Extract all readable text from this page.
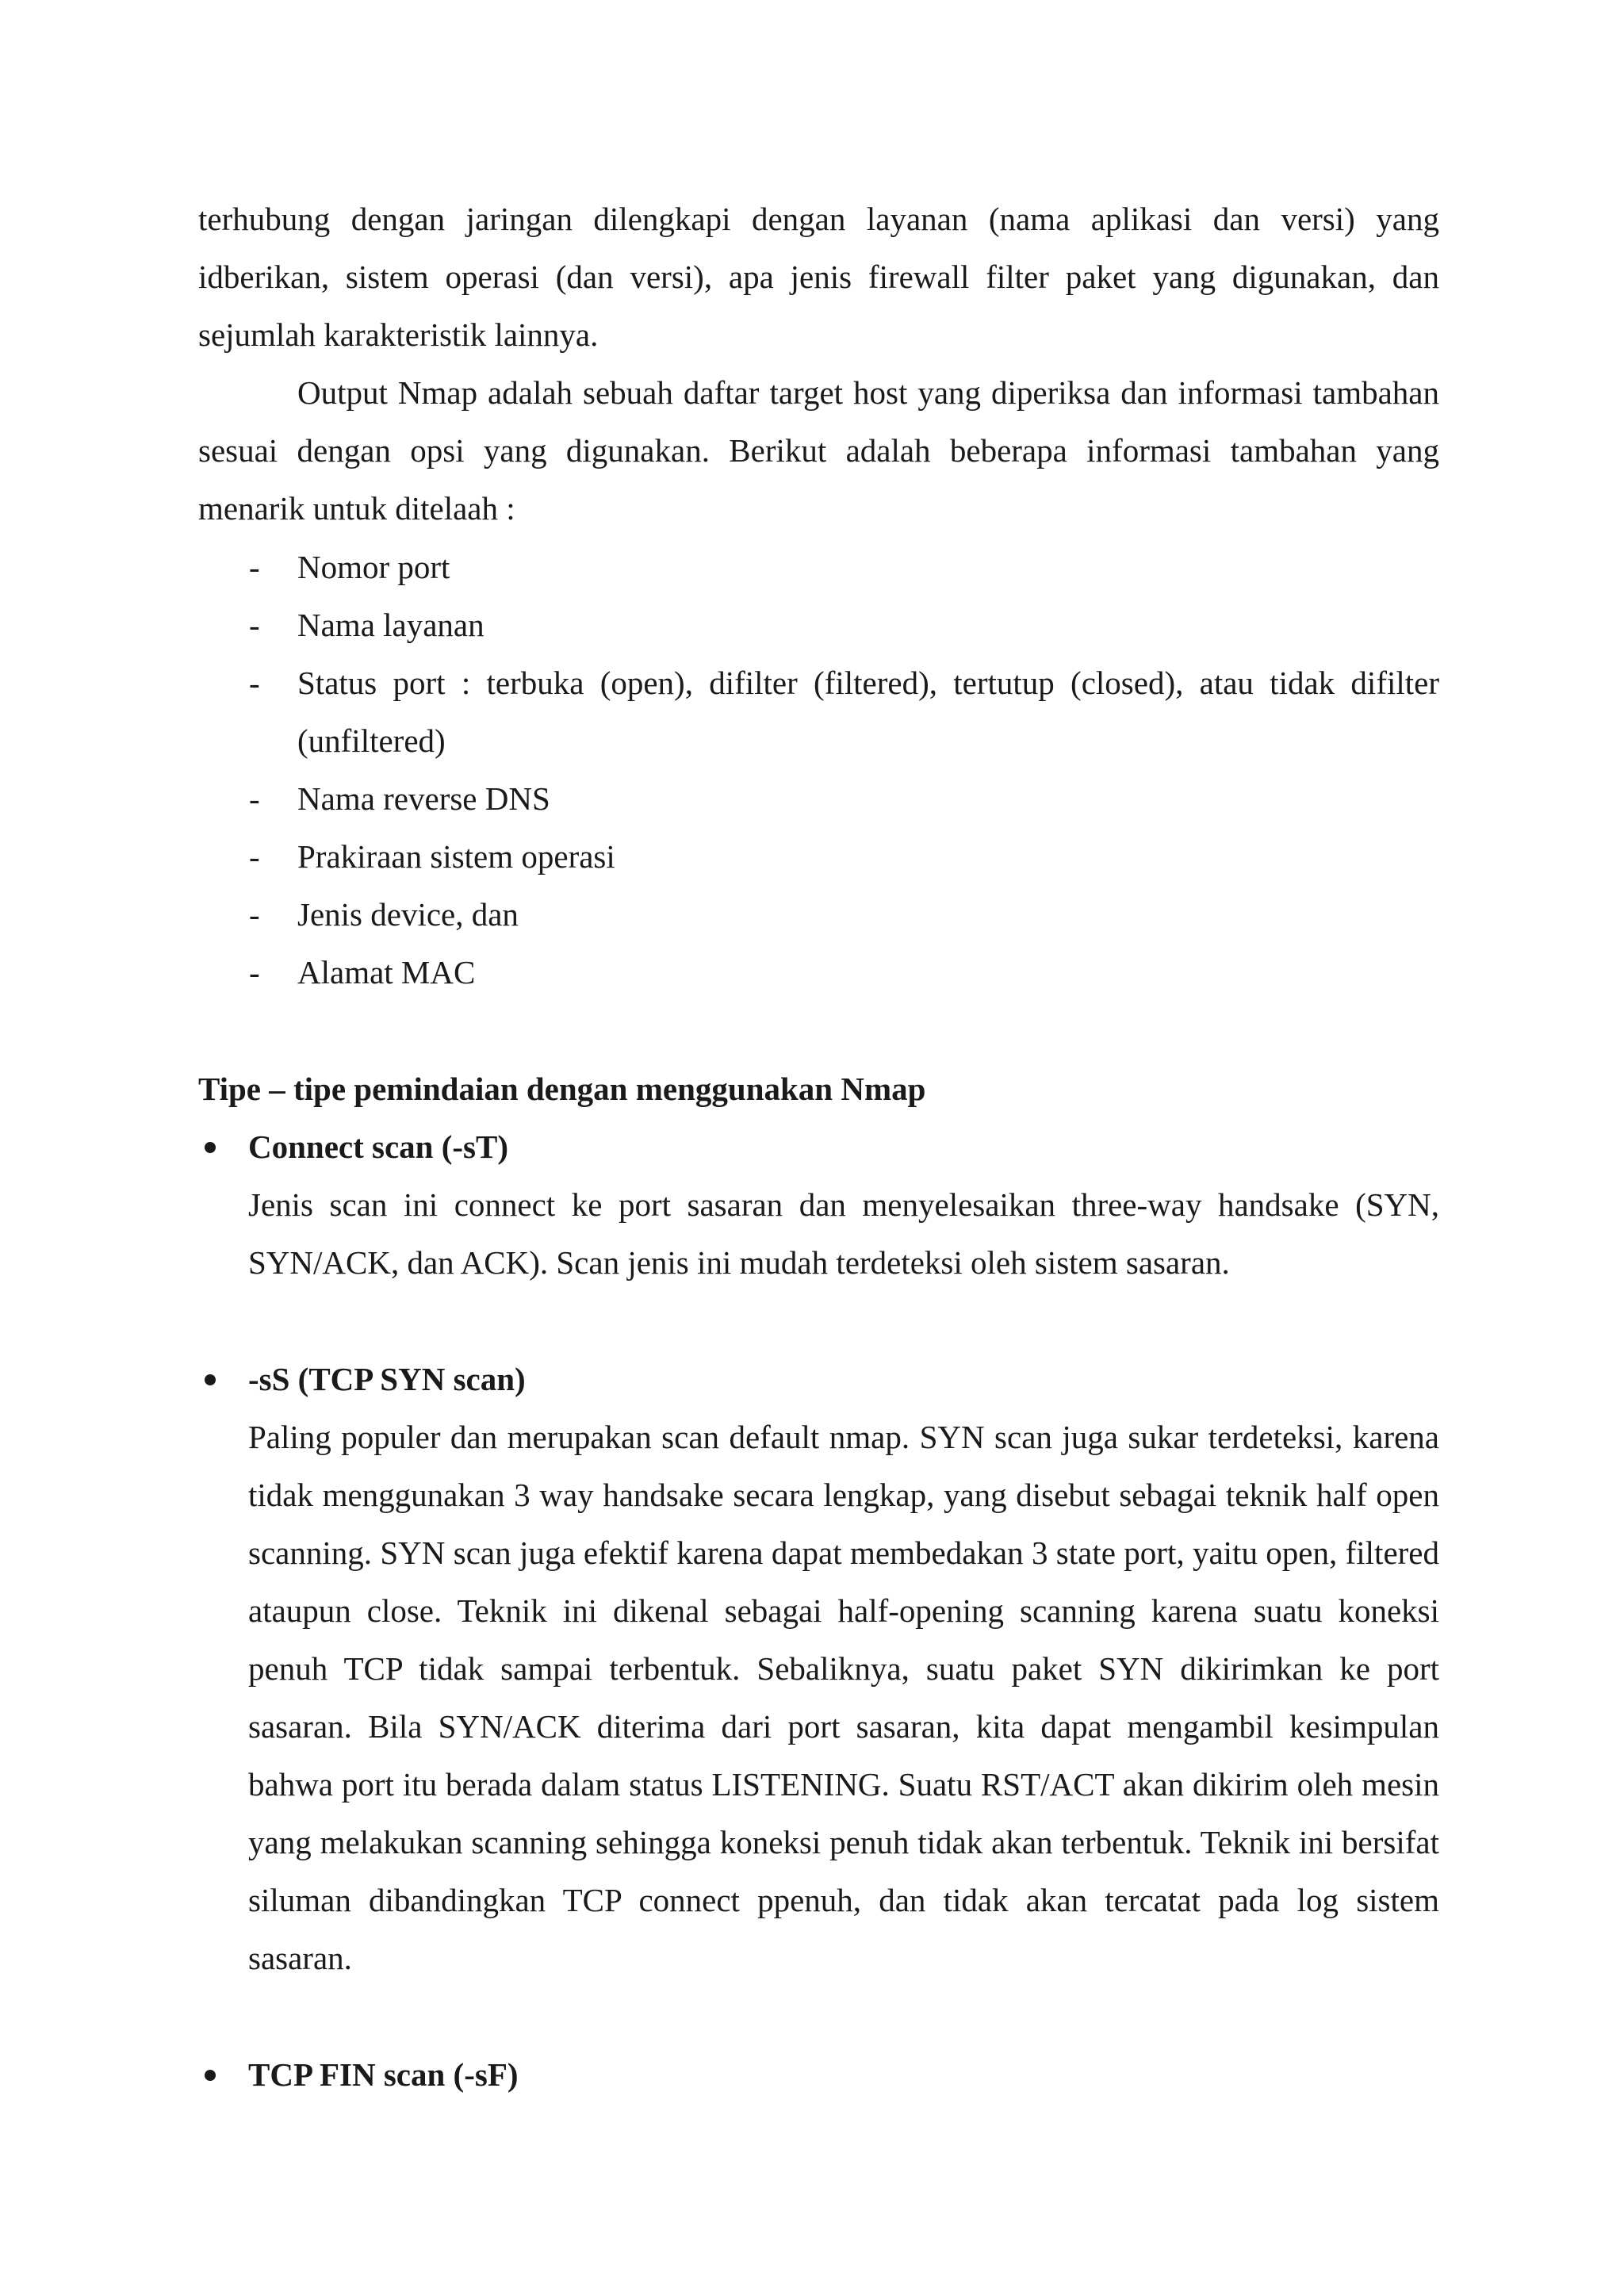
terhubung dengan jaringan dilengkapi dengan layanan (nama aplikasi dan versi) yang idberikan, sistem operasi (dan versi), apa jenis firewall filter paket yang digunakan, dan sejumlah karakteristik lainnya.

Output Nmap adalah sebuah daftar target host yang diperiksa dan informasi tambahan sesuai dengan opsi yang digunakan. Berikut adalah beberapa informasi tambahan yang menarik untuk ditelaah :

- Nomor port
- Nama layanan
- Status port : terbuka (open), difilter (filtered), tertutup (closed), atau tidak difilter (unfiltered)
- Nama reverse DNS
- Prakiraan sistem operasi
- Jenis device, dan
- Alamat MAC
Tipe – tipe pemindaian dengan menggunakan Nmap
Connect scan (-sT)

Jenis scan ini connect ke port sasaran dan menyelesaikan three-way handsake (SYN, SYN/ACK, dan ACK). Scan jenis ini mudah terdeteksi oleh sistem sasaran.

-sS (TCP SYN scan)

Paling populer dan merupakan scan default nmap. SYN scan juga sukar terdeteksi, karena tidak menggunakan 3 way handsake secara lengkap, yang disebut sebagai teknik half open scanning. SYN scan juga efektif karena dapat membedakan 3 state port, yaitu open, filtered ataupun close. Teknik ini dikenal sebagai half-opening scanning karena suatu koneksi penuh TCP tidak sampai terbentuk. Sebaliknya, suatu paket SYN dikirimkan ke port sasaran. Bila SYN/ACK diterima dari port sasaran, kita dapat mengambil kesimpulan bahwa port itu berada dalam status LISTENING. Suatu RST/ACT akan dikirim oleh mesin yang melakukan scanning sehingga koneksi penuh tidak akan terbentuk. Teknik ini bersifat siluman dibandingkan TCP connect ppenuh, dan tidak akan tercatat pada log sistem sasaran.

TCP FIN scan (-sF)
